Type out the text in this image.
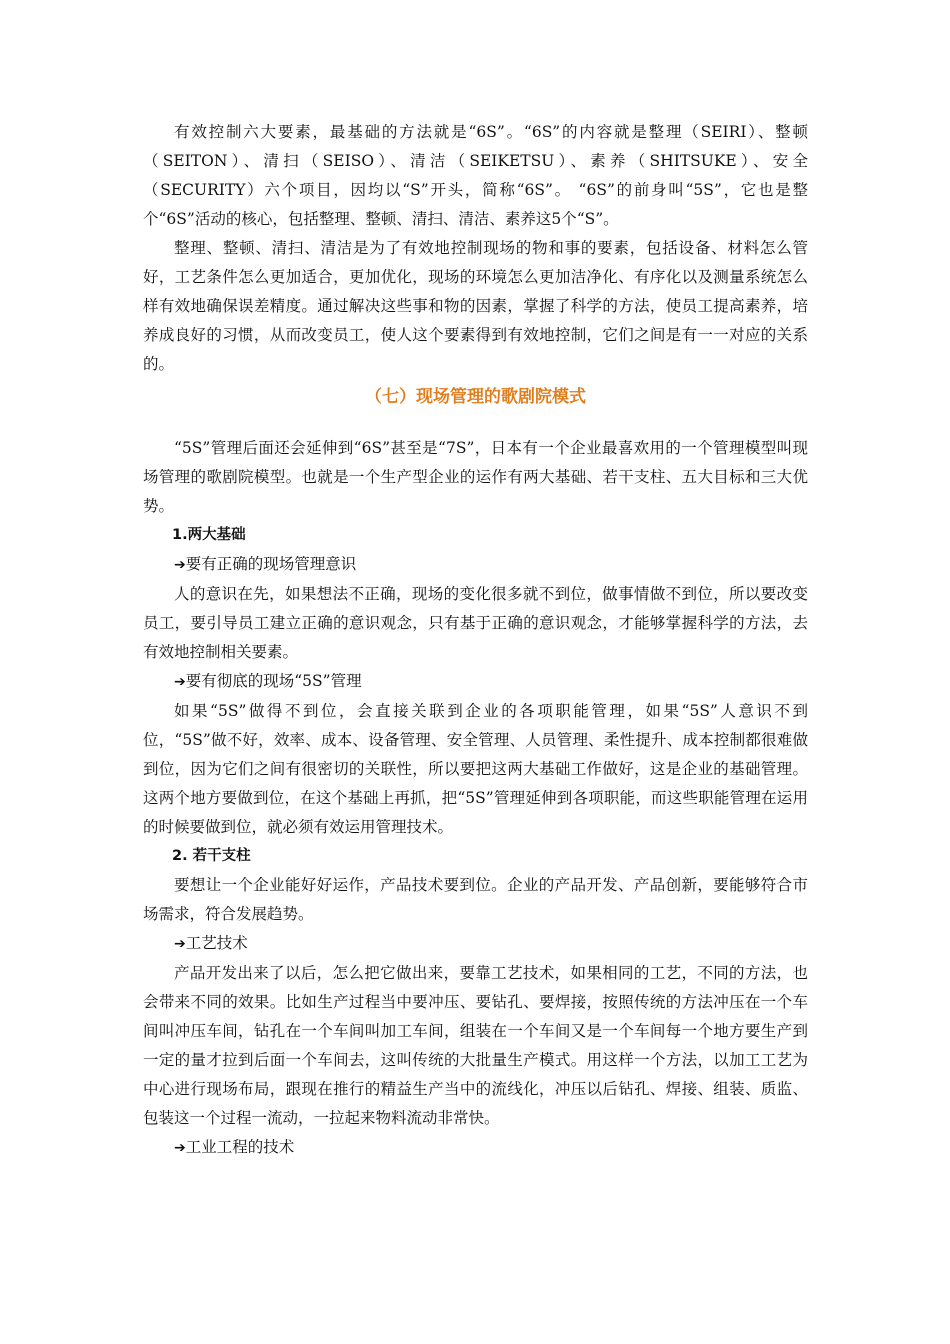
有效控制六大要素，最基础的方法就是“6S”。“6S”的内容就是整理（SEIRI）、整顿（SEITON）、清扫（SEISO）、清洁（SEIKETSU）、素养（SHITSUKE）、安全（SECURITY）六个项目，因均以“S”开头，简称“6S”。 “6S”的前身叫“5S”，它也是整个“6S”活动的核心，包括整理、整顿、清扫、清洁、素养这5个“S”。

整理、整顿、清扫、清洁是为了有效地控制现场的物和事的要素，包括设备、材料怎么管好，工艺条件怎么更加适合，更加优化，现场的环境怎么更加洁净化、有序化以及测量系统怎么样有效地确保误差精度。通过解决这些事和物的因素，掌握了科学的方法，使员工提高素养，培养成良好的习惯，从而改变员工，使人这个要素得到有效地控制，它们之间是有一一对应的关系的。

（七）现场管理的歌剧院模式

“5S”管理后面还会延伸到“6S”甚至是“7S”，日本有一个企业最喜欢用的一个管理模型叫现场管理的歌剧院模型。也就是一个生产型企业的运作有两大基础、若干支柱、五大目标和三大优势。

1.两大基础

➔要有正确的现场管理意识

人的意识在先，如果想法不正确，现场的变化很多就不到位，做事情做不到位，所以要改变员工，要引导员工建立正确的意识观念，只有基于正确的意识观念，才能够掌握科学的方法，去有效地控制相关要素。

➔要有彻底的现场“5S”管理

如果“5S”做得不到位，会直接关联到企业的各项职能管理，如果“5S”人意识不到位，“5S”做不好，效率、成本、设备管理、安全管理、人员管理、柔性提升、成本控制都很难做到位，因为它们之间有很密切的关联性，所以要把这两大基础工作做好，这是企业的基础管理。这两个地方要做到位，在这个基础上再抓，把“5S”管理延伸到各项职能，而这些职能管理在运用的时候要做到位，就必须有效运用管理技术。

2. 若干支柱

要想让一个企业能好好运作，产品技术要到位。企业的产品开发、产品创新，要能够符合市场需求，符合发展趋势。

➔工艺技术

产品开发出来了以后，怎么把它做出来，要靠工艺技术，如果相同的工艺，不同的方法，也会带来不同的效果。比如生产过程当中要冲压、要钻孔、要焊接，按照传统的方法冲压在一个车间叫冲压车间，钻孔在一个车间叫加工车间，组装在一个车间又是一个车间每一个地方要生产到一定的量才拉到后面一个车间去，这叫传统的大批量生产模式。用这样一个方法，以加工工艺为中心进行现场布局，跟现在推行的精益生产当中的流线化，冲压以后钻孔、焊接、组装、质监、包装这一个过程一流动，一拉起来物料流动非常快。

➔工业工程的技术
